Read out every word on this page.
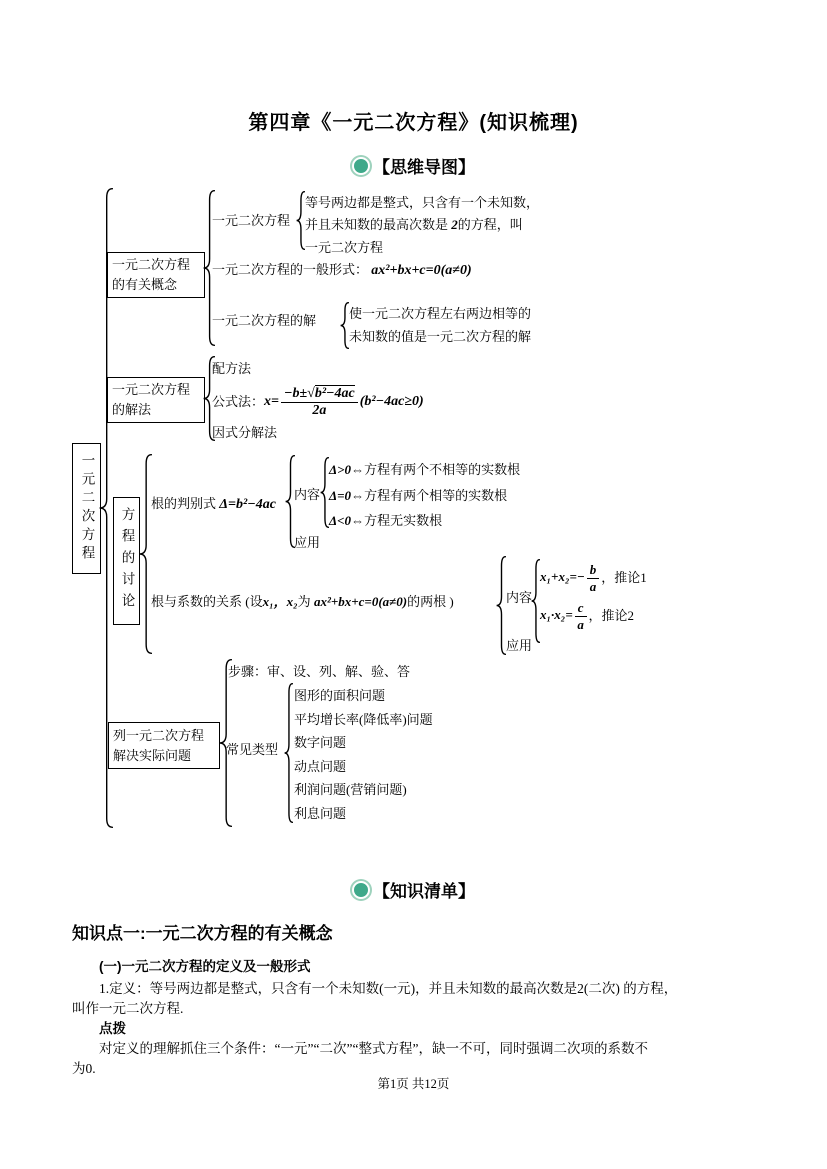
第四章《一元二次方程》(知识梳理)
【思维导图】
一元二次方程
一元二次方程
的有关概念
一元二次方程
等号两边都是整式，只含有一个未知数，
并且未知数的最高次数是 2的方程，叫
一元二次方程
一元二次方程的一般形式： ax²+bx+c=0(a≠0)
一元二次方程的解	使一元二次方程左右两边相等的
未知数的值是一元二次方程的解
一元二次方程
的解法
配方法
公式法： $x= \frac{\text{−b±√b²−4ac}}{2a} (b^2-4ac\ge 0)$
因式分解法
方程的讨论
根的判别式 Δ=b²−4ac
内容
Δ>0⇔方程有两个不相等的实数根
Δ=0⇔方程有两个相等的实数根
Δ<0⇔方程无实数根
应用
根与系数的关系 (设x₁，x₂为 ax²+bx+c=0(a≠0)的两根 )	内容
$x_1+x_2=- \frac{b}{a}$ ，推论1
$x_1\cdot x_2= \frac{c}{a}$ ，推论2
应用
列一元二次方程
解决实际问题
步骤：审、设、列、解、验、答
常见类型
图形的面积问题
平均增长率(降低率)问题
数字问题
动点问题
利润问题(营销问题)
利息问题
【知识清单】
知识点一:一元二次方程的有关概念
(一)一元二次方程的定义及一般形式
1.定义：等号两边都是整式，只含有一个未知数(一元)，并且未知数的最高次数是2(二次) 的方程，
叫作一元二次方程.
点拨
对定义的理解抓住三个条件：“一元”“二次”“整式方程”，缺一不可，同时强调二次项的系数不
为0.
第1页 共12页
